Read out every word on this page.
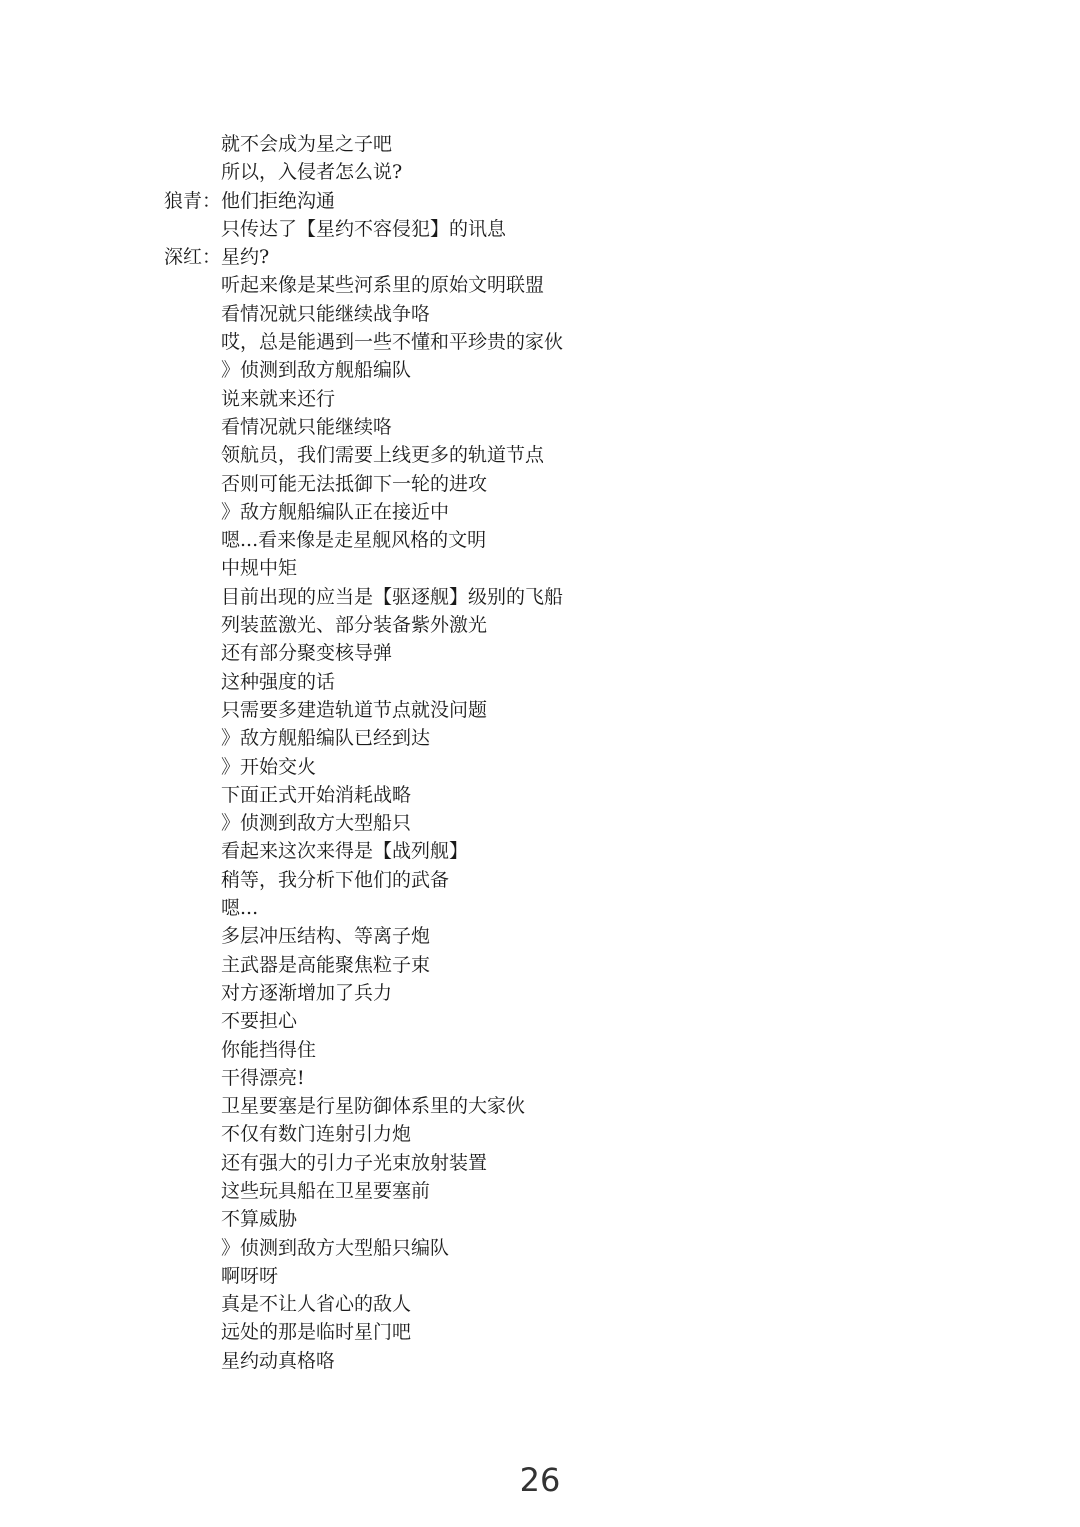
就不会成为星之子吧
所以，入侵者怎么说?
狼青： 他们拒绝沟通
只传达了【星约不容侵犯】的讯息
深红： 星约?
听起来像是某些河系里的原始文明联盟
看情况就只能继续战争咯
哎，总是能遇到一些不懂和平珍贵的家伙
》侦测到敌方舰船编队
说来就来还行
看情况就只能继续咯
领航员，我们需要上线更多的轨道节点
否则可能无法抵御下一轮的进攻
》敌方舰船编队正在接近中
嗯...看来像是走星舰风格的文明
中规中矩
目前出现的应当是【驱逐舰】级别的飞船
列装蓝激光、部分装备紫外激光
还有部分聚变核导弹
这种强度的话
只需要多建造轨道节点就没问题
》敌方舰船编队已经到达
》开始交火
下面正式开始消耗战略
》侦测到敌方大型船只
看起来这次来得是【战列舰】
稍等，我分析下他们的武备
嗯...
多层冲压结构、等离子炮
主武器是高能聚焦粒子束
对方逐渐增加了兵力
不要担心
你能挡得住
干得漂亮!
卫星要塞是行星防御体系里的大家伙
不仅有数门连射引力炮
还有强大的引力子光束放射装置
这些玩具船在卫星要塞前
不算威胁
》侦测到敌方大型船只编队
啊呀呀
真是不让人省心的敌人
远处的那是临时星门吧
星约动真格咯
26
